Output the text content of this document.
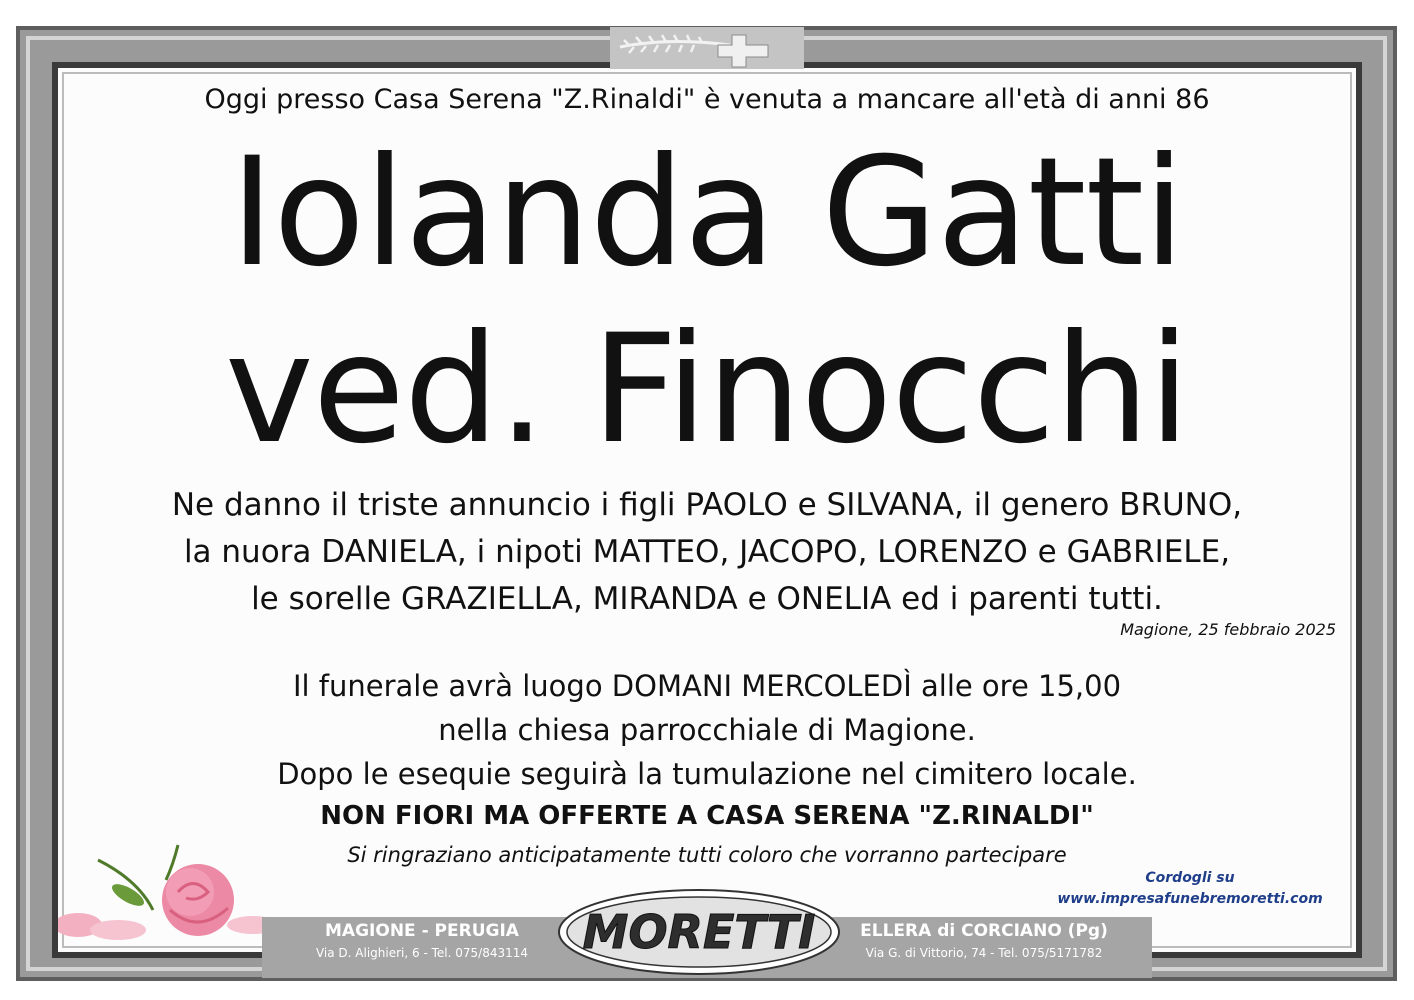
Oggi presso Casa Serena "Z.Rinaldi" è venuta a mancare all'età di anni 86
Iolanda Gatti
ved. Finocchi
Ne danno il triste annuncio i figli PAOLO e SILVANA, il genero BRUNO,
la nuora DANIELA, i nipoti MATTEO, JACOPO, LORENZO e GABRIELE,
le sorelle GRAZIELLA, MIRANDA e ONELIA ed i parenti tutti.
Magione, 25 febbraio 2025
Il funerale avrà luogo DOMANI MERCOLEDÌ alle ore 15,00
nella chiesa parrocchiale di Magione.
Dopo le esequie seguirà la tumulazione nel cimitero locale.
NON FIORI MA OFFERTE A CASA SERENA "Z.RINALDI"
Si ringraziano anticipatamente tutti coloro che vorranno partecipare
Cordogli su
www.impresafunebremoretti.com
MAGIONE - PERUGIA
Via D. Alighieri, 6 - Tel. 075/843114
ELLERA di CORCIANO (Pg)
Via G. di Vittorio, 74 - Tel. 075/5171782
MORETTI
